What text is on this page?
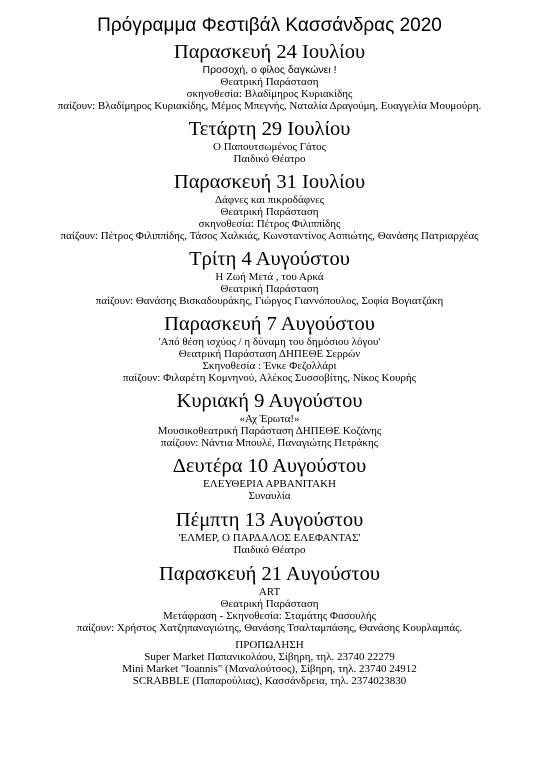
Πρόγραμμα Φεστιβάλ Κασσάνδρας 2020
Παρασκευή 24 Ιουλίου
Προσοχή, ο φίλος δαγκώνει !
Θεατρική Παράσταση
σκηνοθεσία: Βλαδίμηρος Κυριακίδης
παίζουν: Βλαδίμηρος Κυριακίδης, Μέμος Μπεγνής, Ναταλία Δραγούμη, Ευαγγελία Μουμούρη.
Τετάρτη 29 Ιουλίου
Ο Παπουτσωμένος Γάτος
Παιδικό Θέατρο
Παρασκευή 31 Ιουλίου
Δάφνες και πικροδάφνες
Θεατρική Παράσταση
σκηνοθεσία: Πέτρος Φιλιππίδης
παίζουν: Πέτρος Φιλιππίδης, Τάσος Χαλκιάς, Κωνσταντίνος Ασπιώτης, Θανάσης Πατριαρχέας
Τρίτη 4 Αυγούστου
Η Ζωή Μετά , του Αρκά
Θεατρική Παράσταση
παίζουν: Θανάσης Βισκαδουράκης, Γιώργος Γιαννόπουλος, Σοφία Βογιατζάκη
Παρασκευή 7 Αυγούστου
'Από θέση ισχύος / η δύναμη του δημόσιου λόγου'
Θεατρική Παράσταση ΔΗΠΕΘΕ Σερρών
Σκηνοθεσία : Ένκε Φεζολλάρι
παίζουν: Φιλαρέτη Κομνηνού, Αλέκος Συσσοβίτης, Νίκος Κουρής
Κυριακή 9 Αυγούστου
«Αχ Έρωτα!»
Μουσικοθεατρική Παράσταση ΔΗΠΕΘΕ Κοζάνης
παίζουν: Νάντια Μπουλέ, Παναγιώτης Πετράκης
Δευτέρα 10 Αυγούστου
ΕΛΕΥΘΕΡΙΑ ΑΡΒΑΝΙΤΑΚΗ
Συναυλία
Πέμπτη 13 Αυγούστου
'ΕΛΜΕΡ, Ο ΠΑΡΔΑΛΟΣ ΕΛΕΦΑΝΤΑΣ'
Παιδικό Θέατρο
Παρασκευή 21 Αυγούστου
ART
Θεατρική Παράσταση
Μετάφραση - Σκηνοθεσία: Σταμάτης Φασουλής
παίζουν: Χρήστος Χατζηπαναγιώτης, Θανάσης Τσαλταμπάσης, Θανάσης Κουρλαμπάς.
ΠΡΟΠΩΛΗΣΗ
Super Market Παπανικολάου, Σίβηρη, τηλ. 23740 22279
Mini Market "Ioannis" (Μαναλούτσος), Σίβηρη, τηλ. 23740 24912
SCRABBLE (Παπαρούλιας), Κασσάνδρεια, τηλ. 2374023830
